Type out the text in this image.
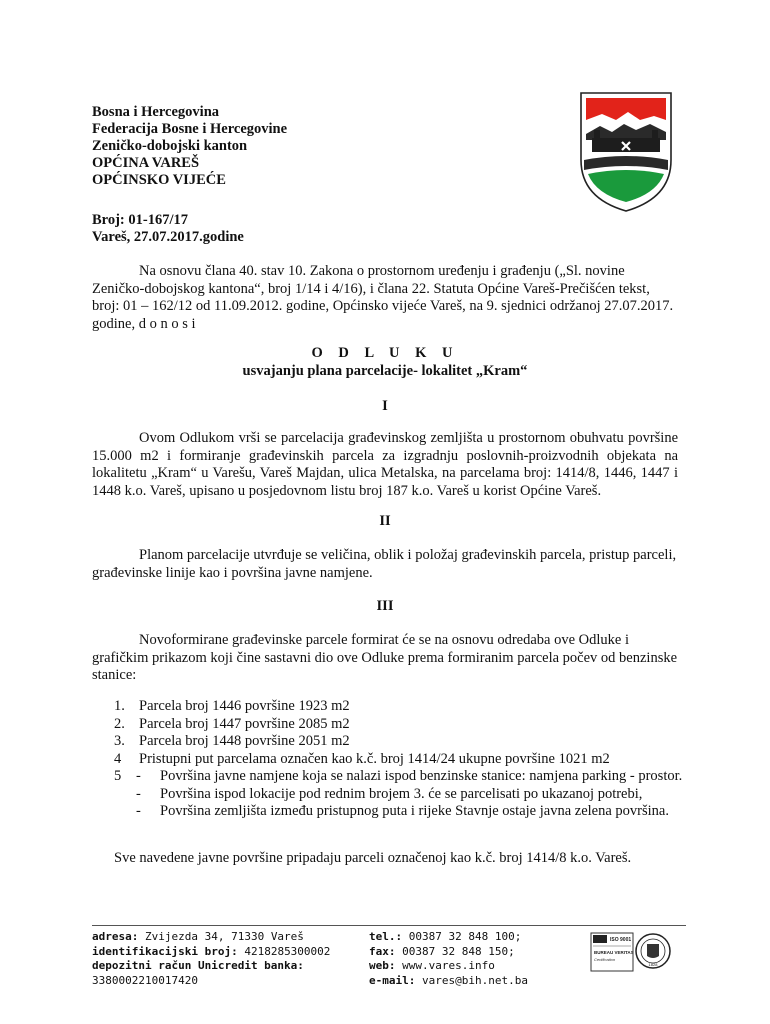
Bosna i Hercegovina
Federacija Bosne i Hercegovine
Zeničko-dobojski kanton
OPĆINA VAREŠ
OPĆINSKO VIJEĆE
Broj: 01-167/17
Vareš, 27.07.2017.godine

Na osnovu člana 40. stav 10. Zakona o prostornom uređenju i građenju („Sl. novine Zeničko-dobojskog kantona“, broj 1/14 i 4/16), i člana 22. Statuta Općine Vareš-Prečišćen tekst, broj: 01 – 162/12 od 11.09.2012. godine, Općinsko vijeće Vareš, na 9. sjednici održanoj 27.07.2017. godine, d o n o s i

O D L U K U
usvajanju plana parcelacije- lokalitet „Kram“
I

Ovom Odlukom vrši se parcelacija građevinskog zemljišta u prostornom obuhvatu površine 15.000 m2 i formiranje građevinskih parcela za izgradnju poslovnih-proizvodnih objekata na lokalitetu „Kram“ u Varešu, Vareš Majdan, ulica Metalska, na parcelama broj: 1414/8, 1446, 1447 i 1448 k.o. Vareš, upisano u posjedovnom listu broj 187 k.o. Vareš u korist Općine Vareš.

II

Planom parcelacije utvrđuje se veličina, oblik i položaj građevinskih parcela, pristup parceli, građevinske linije kao i površina javne namjene.

III

Novoformirane građevinske parcele formirat će se na osnovu odredaba ove Odluke i grafičkim prikazom koji čine sastavni dio ove Odluke prema formiranim parcela počev od benzinske stanice:

1. Parcela broj 1446 površine 1923 m2
2. Parcela broj 1447 površine 2085 m2
3. Parcela broj 1448 površine 2051 m2
4 Pristupni put parcelama označen kao k.č. broj 1414/24 ukupne površine 1021 m2
5 - Površina javne namjene koja se nalazi ispod benzinske stanice: namjena parking - prostor.
- Površina ispod lokacije pod rednim brojem 3. će se parcelisati po ukazanoj potrebi,
- Površina zemljišta između pristupnog puta i rijeke Stavnje ostaje javna zelena površina.
Sve navedene javne površine pripadaju parceli označenoj kao k.č. broj 1414/8 k.o. Vareš.
adresa: Zvijezda 34, 71330 Vareš
identifikacijski broj: 4218285300002
depozitni račun Unicredit banka:
3380002210017420
tel.: 00387 32 848 100;
fax: 00387 32 848 150;
web: www.vares.info
e-mail: vares@bih.net.ba
ISO 9001
BUREAU VERITAS
Certification
1828
